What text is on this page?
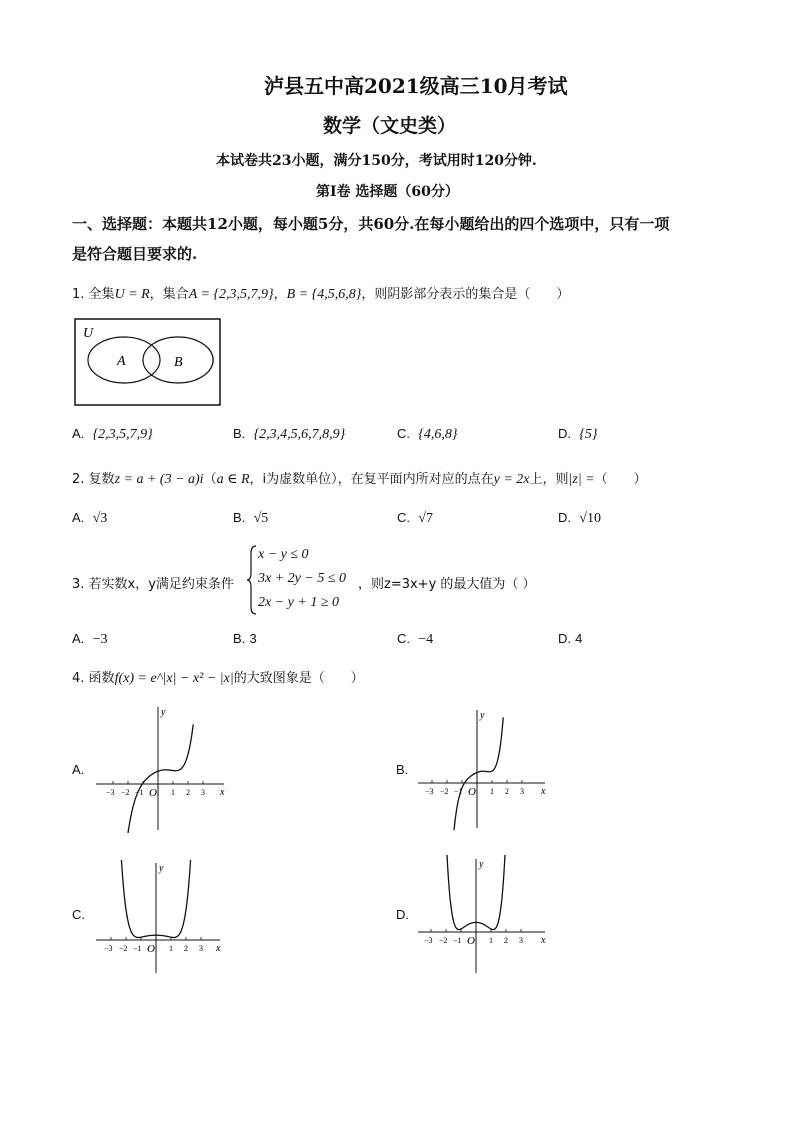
泸县五中高2021级高三10月考试
数学（文史类）
本试卷共23小题，满分150分，考试用时120分钟.
第Ⅰ卷 选择题（60分）
一、选择题：本题共12小题，每小题5分，共60分.在每小题给出的四个选项中，只有一项
是符合题目要求的.
1. 全集U = R，集合A = {2,3,5,7,9}，B = {4,5,6,8}，则阴影部分表示的集合是（　　）
U
A	B
A. {2,3,5,7,9}	B. {2,3,4,5,6,7,8,9}	C. {4,6,8}	D. {5}
2. 复数z = a + (3 − a)i（a ∈ R，i为虚数单位），在复平面内所对应的点在y = 2x上，则|z| =（　　）
A. √3	B. √5	C. √7	D. √10
3. 若实数x，y满足约束条件
x − y ≤ 0
3x + 2y − 5 ≤ 0
2x − y + 1 ≥ 0
，则z=3x+y 的最大值为（ ）
A. −3	B. 3	C. −4	D. 4
4. 函数f(x) = e^|x| − x² − |x|的大致图象是（　　）
A.	B.
C.	D.
y
x
O
−3 −2 −1	1 2 3
y
x
O
−3 −2 −1	1 2 3
y
x
O
−3 −2 −1	1 2 3
y
x
O
−3 −2 −1	1 2 3
